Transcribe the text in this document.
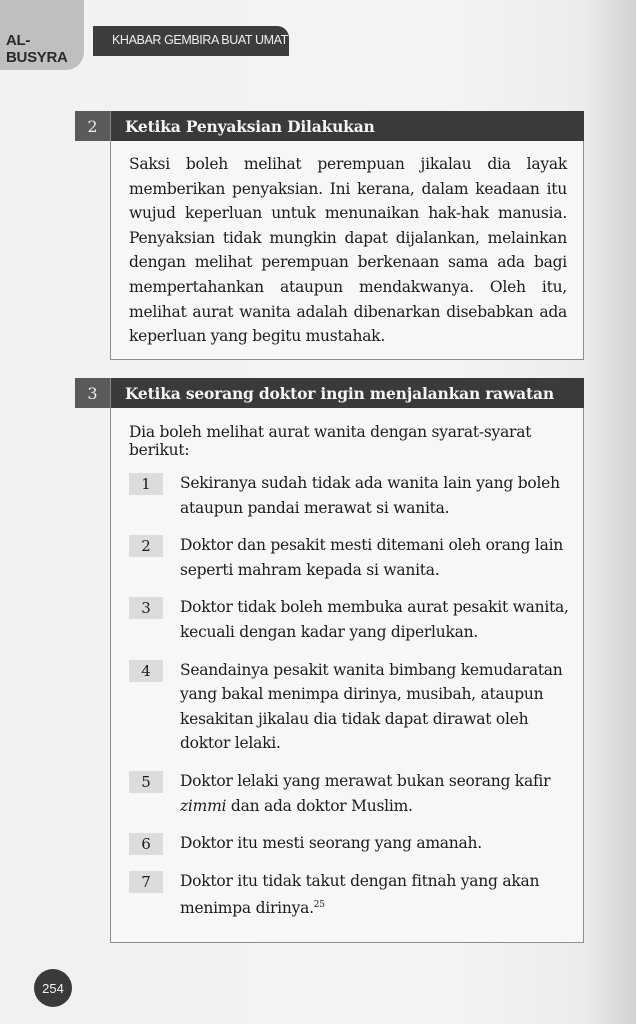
AL-BUSYRA
KHABAR GEMBIRA BUAT UMAT
2	Ketika Penyaksian Dilakukan

Saksi boleh melihat perempuan jikalau dia layak memberikan penyaksian. Ini kerana, dalam keadaan itu wujud keperluan untuk menunaikan hak-hak manusia. Penyaksian tidak mungkin dapat dijalankan, melainkan dengan melihat perempuan berkenaan sama ada bagi mempertahankan ataupun mendakwanya. Oleh itu, melihat aurat wanita adalah dibenarkan disebabkan ada keperluan yang begitu mustahak.

3	Ketika seorang doktor ingin menjalankan rawatan

Dia boleh melihat aurat wanita dengan syarat-syarat berikut:

1	Sekiranya sudah tidak ada wanita lain yang boleh ataupun pandai merawat si wanita.
2	Doktor dan pesakit mesti ditemani oleh orang lain seperti mahram kepada si wanita.
3	Doktor tidak boleh membuka aurat pesakit wanita, kecuali dengan kadar yang diperlukan.
4	Seandainya pesakit wanita bimbang kemudaratan yang bakal menimpa dirinya, musibah, ataupun kesakitan jikalau dia tidak dapat dirawat oleh doktor lelaki.
5	Doktor lelaki yang merawat bukan seorang kafir zimmi dan ada doktor Muslim.
6	Doktor itu mesti seorang yang amanah.
7	Doktor itu tidak takut dengan fitnah yang akan menimpa dirinya.$^{25}$
254
